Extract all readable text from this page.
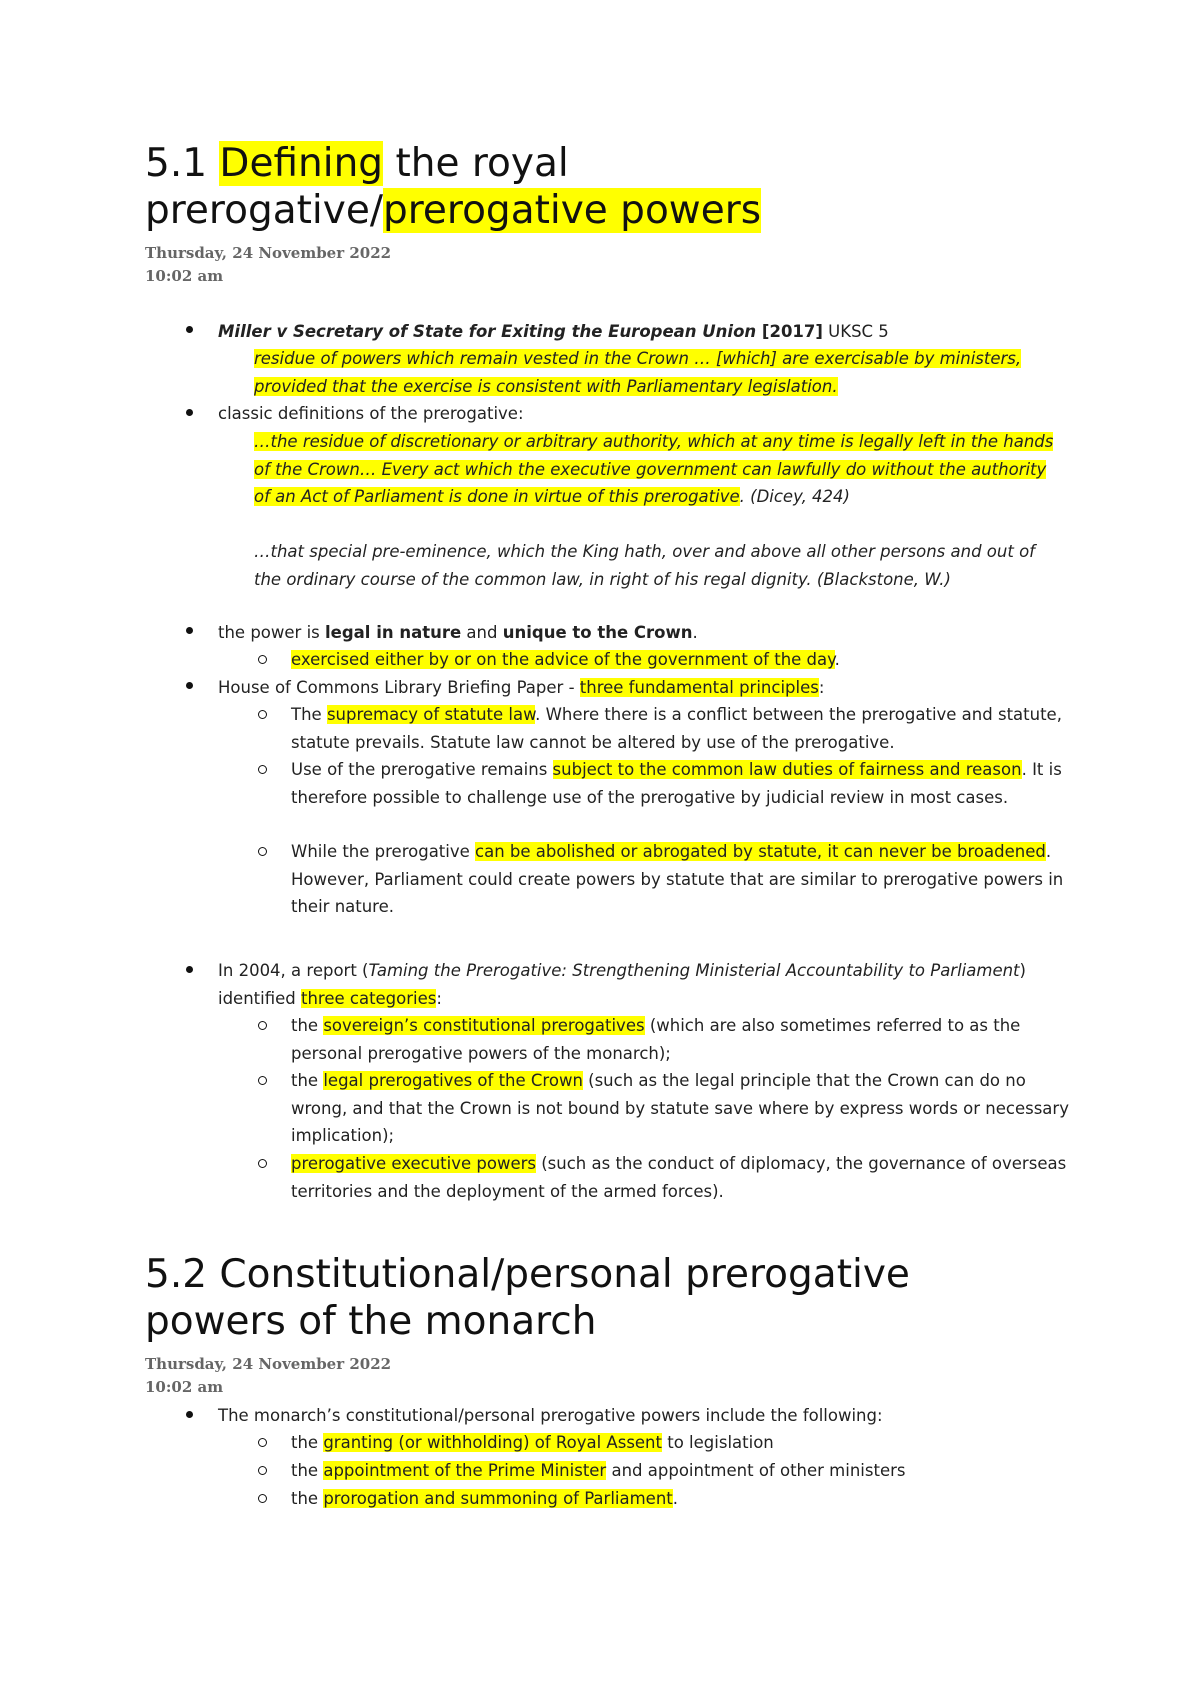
5.1 Defining the royal prerogative/prerogative powers
Thursday, 24 November 2022
10:02 am

Miller v Secretary of State for Exiting the European Union [2017] UKSC 5

residue of powers which remain vested in the Crown … [which] are exercisable by ministers, provided that the exercise is consistent with Parliamentary legislation.

classic definitions of the prerogative:

…the residue of discretionary or arbitrary authority, which at any time is legally left in the hands of the Crown… Every act which the executive government can lawfully do without the authority of an Act of Parliament is done in virtue of this prerogative. (Dicey, 424)

…that special pre-eminence, which the King hath, over and above all other persons and out of the ordinary course of the common law, in right of his regal dignity. (Blackstone, W.)

the power is legal in nature and unique to the Crown.

exercised either by or on the advice of the government of the day.

House of Commons Library Briefing Paper - three fundamental principles:

The supremacy of statute law. Where there is a conflict between the prerogative and statute, statute prevails. Statute law cannot be altered by use of the prerogative.

Use of the prerogative remains subject to the common law duties of fairness and reason. It is therefore possible to challenge use of the prerogative by judicial review in most cases.

While the prerogative can be abolished or abrogated by statute, it can never be broadened. However, Parliament could create powers by statute that are similar to prerogative powers in their nature.

In 2004, a report (Taming the Prerogative: Strengthening Ministerial Accountability to Parliament) identified three categories:

the sovereign’s constitutional prerogatives (which are also sometimes referred to as the personal prerogative powers of the monarch);

the legal prerogatives of the Crown (such as the legal principle that the Crown can do no wrong, and that the Crown is not bound by statute save where by express words or necessary implication);

prerogative executive powers (such as the conduct of diplomacy, the governance of overseas territories and the deployment of the armed forces).

5.2 Constitutional/personal prerogative powers of the monarch
Thursday, 24 November 2022
10:02 am

The monarch’s constitutional/personal prerogative powers include the following:

the granting (or withholding) of Royal Assent to legislation

the appointment of the Prime Minister and appointment of other ministers

the prorogation and summoning of Parliament.
